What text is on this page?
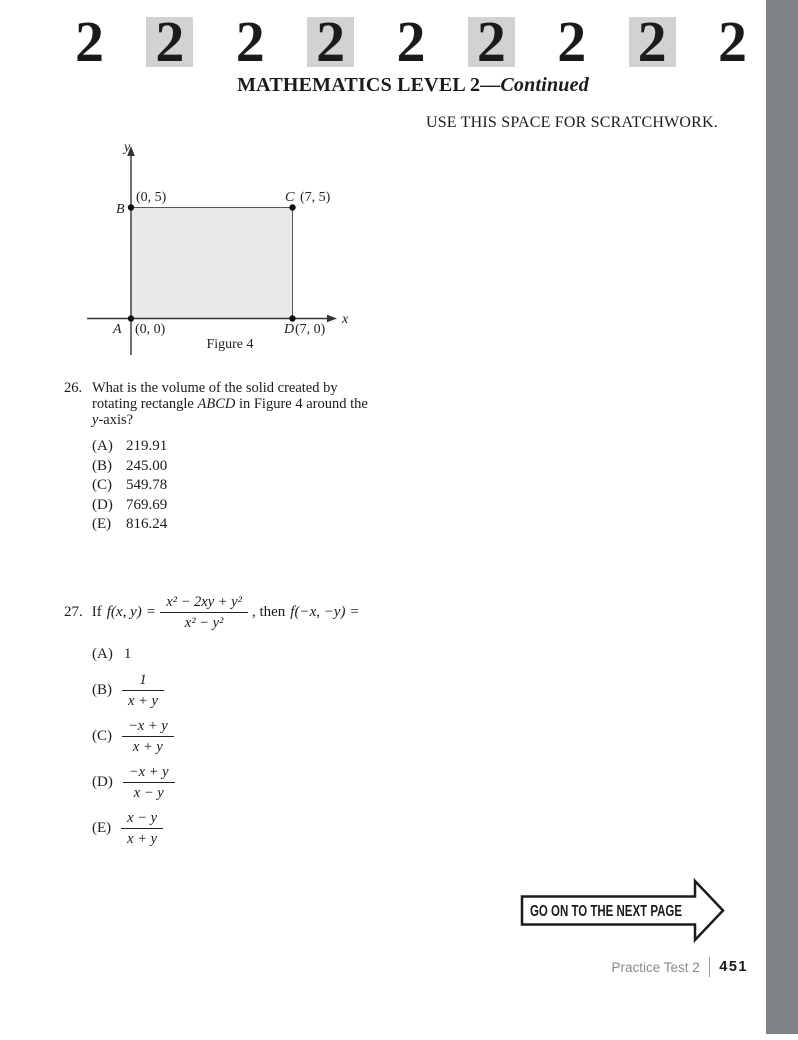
2 2 2 2 2 2 2 2 2
MATHEMATICS LEVEL 2—Continued
USE THIS SPACE FOR SCRATCHWORK.
y
x
B
(0, 5)	C (7, 5)
A (0, 0)	D (7, 0)
Figure 4
26. What is the volume of the solid created by
rotating rectangle ABCD in Figure 4 around the
y-axis?
(A) 219.91
(B) 245.00
(C) 549.78
(D) 769.69
(E) 816.24
27. If f(x, $y) = \frac{\text{x² − 2xy + y²}}{\text{x² − y²}}$ , then f(−x, −y) =
(A) 1
$(B) \frac{1}{x + y}$
$(C) \frac{-x + y}{x + y}$
$(D) \frac{-x + y}{x - y}$
$(E) \frac{x - y}{x + y}$
GO ON TO THE NEXT PAGE
Practice Test 2 451
